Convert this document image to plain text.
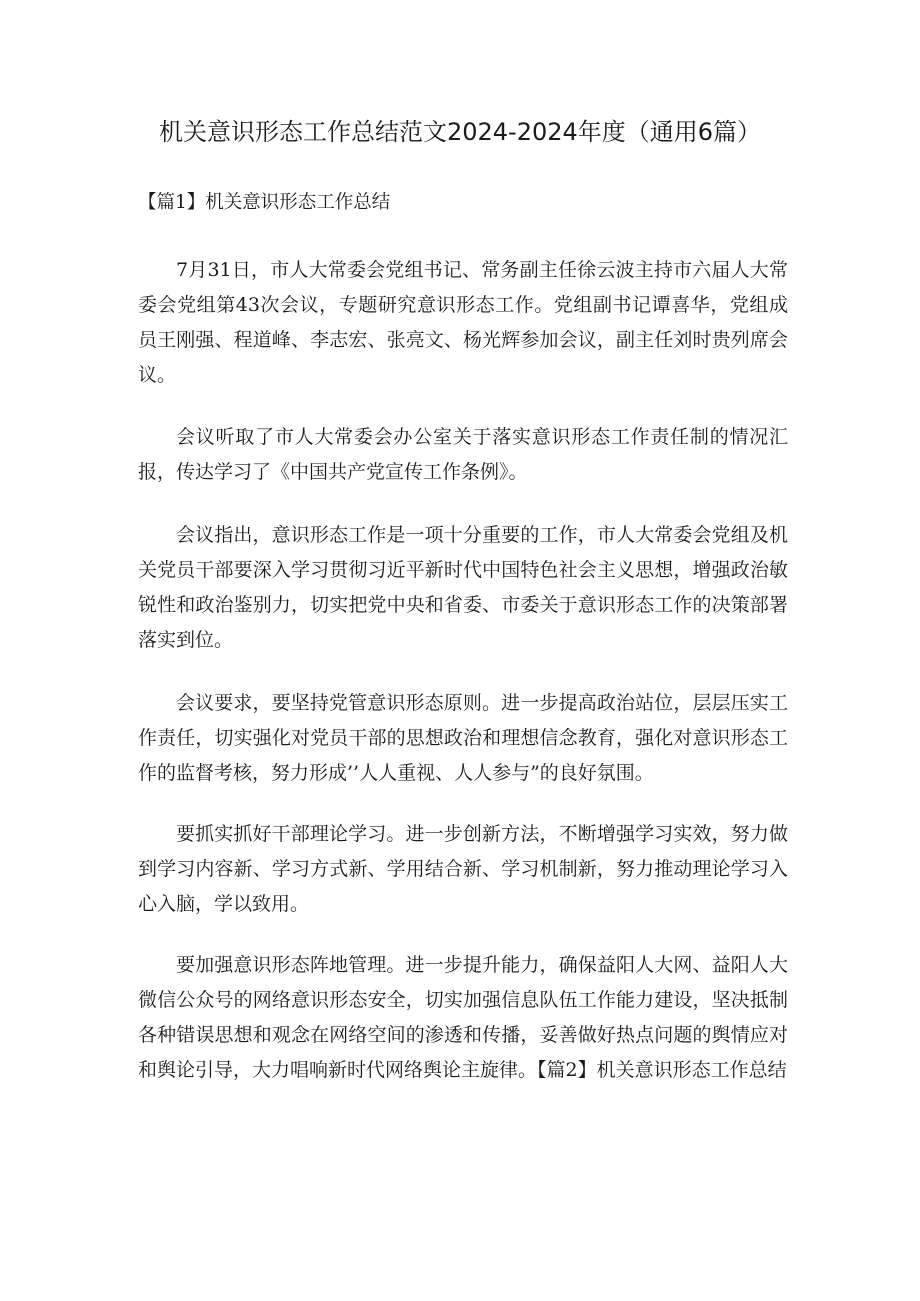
机关意识形态工作总结范文2024-2024年度（通用6篇）
【篇1】机关意识形态工作总结

7月31日，市人大常委会党组书记、常务副主任徐云波主持市六届人大常委会党组第43次会议，专题研究意识形态工作。党组副书记谭喜华，党组成员王刚强、程道峰、李志宏、张亮文、杨光辉参加会议，副主任刘时贵列席会议。

会议听取了市人大常委会办公室关于落实意识形态工作责任制的情况汇报，传达学习了《中国共产党宣传工作条例》。

会议指出，意识形态工作是一项十分重要的工作，市人大常委会党组及机关党员干部要深入学习贯彻习近平新时代中国特色社会主义思想，增强政治敏锐性和政治鉴别力，切实把党中央和省委、市委关于意识形态工作的决策部署落实到位。

会议要求，要坚持党管意识形态原则。进一步提高政治站位，层层压实工作责任，切实强化对党员干部的思想政治和理想信念教育，强化对意识形态工作的监督考核，努力形成’’人人重视、人人参与”的良好氛围。

要抓实抓好干部理论学习。进一步创新方法，不断增强学习实效，努力做到学习内容新、学习方式新、学用结合新、学习机制新，努力推动理论学习入心入脑，学以致用。

要加强意识形态阵地管理。进一步提升能力，确保益阳人大网、益阳人大微信公众号的网络意识形态安全，切实加强信息队伍工作能力建设，坚决抵制各种错误思想和观念在网络空间的渗透和传播，妥善做好热点问题的舆情应对和舆论引导，大力唱响新时代网络舆论主旋律。【篇2】机关意识形态工作总结
